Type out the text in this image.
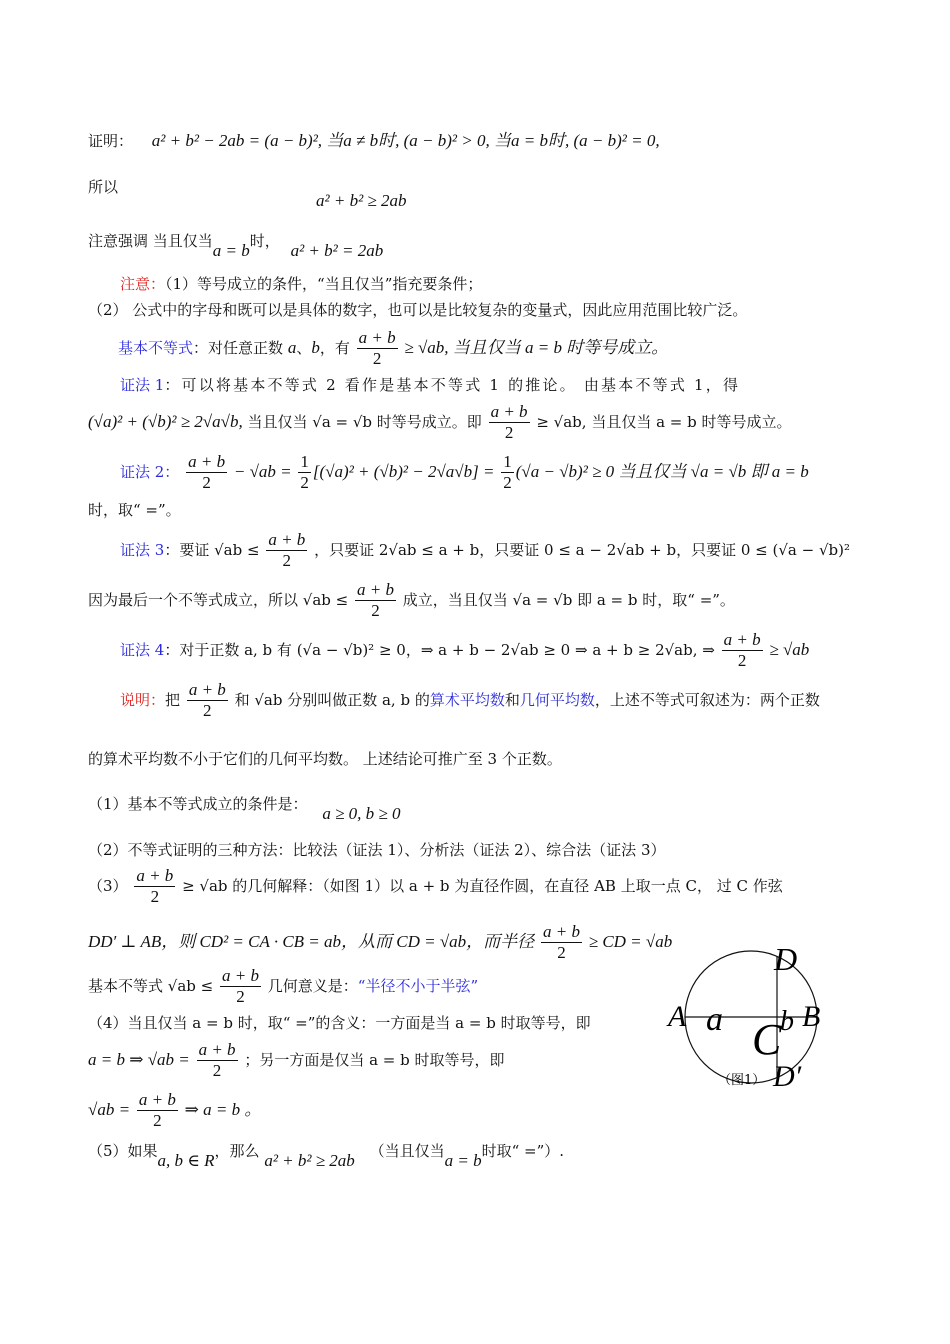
证明： a² + b² − 2ab = (a − b)², 当a ≠ b时, (a − b)² > 0, 当a = b时, (a − b)² = 0,
所以
a² + b² ≥ 2ab
注意强调 当且仅当a = b时， a² + b² = 2ab
注意：（1）等号成立的条件，“当且仅当”指充要条件；
（2） 公式中的字母和既可以是具体的数字，也可以是比较复杂的变量式，因此应用范围比较广泛。
基本不等式：对任意正数 a、b，有 $\frac{a + b}{2} \ge √ab$, 当且仅当 a = b 时等号成立。
证法 1：可以将基本不等式 2 看作是基本不等式 1 的推论。 由基本不等式 1，得
(√a)² + (√b)² ≥ 2√a√b, 当且仅当 √a = √b 时等号成立。即 $\frac{a + b}{2} \ge √ab$, 当且仅当 a = b 时等号成立。
证法 2： $\frac{a + b}{2} - √ab = \frac{1}{2} [(√a)^2 + (√b)^2 - 2√a√b] = \frac{1}{2} (√a - √b)^2 \ge 0$ 当且仅当 √a = √b 即 a = b
时，取“ =”。
证法 3：要证 $√ab \le \frac{a + b}{2}$ ，只要证 2√ab ≤ a + b，只要证 0 ≤ a − 2√ab + b，只要证 0 ≤ (√a − √b)²
因为最后一个不等式成立，所以 $√ab \le \frac{a + b}{2}$ 成立，当且仅当 √a = √b 即 a = b 时，取“ =”。
证法 4：对于正数 a, b 有 (√a − √b)² ≥ 0，⇒ a + b − 2√ab ≥ 0 ⇒ a + b ≥ 2√ab, ⇒ $\frac{a + b}{2} \ge √ab$
说明：把 $\frac{a + b}{2}$ 和 √ab 分别叫做正数 a, b 的算术平均数和几何平均数，上述不等式可叙述为：两个正数
的算术平均数不小于它们的几何平均数。 上述结论可推广至 3 个正数。
（1）基本不等式成立的条件是： a ≥ 0, b ≥ 0
（2）不等式证明的三种方法：比较法（证法 1）、分析法（证法 2）、综合法（证法 3）
$(3) \frac{a + b}{2} \ge √ab$ 的几何解释：（如图 1）以 a + b 为直径作圆，在直径 AB 上取一点 C， 过 C 作弦
DD′ ⊥ AB，则 CD² = CA · CB = ab，从而 CD = √ab，而半径 $\frac{a + b}{2}$ ≥ CD = √ab
基本不等式 $√ab \le \frac{a + b}{2}$ 几何意义是：“半径不小于半弦”
（4）当且仅当 a = b 时，取“ =”的含义：一方面是当 a = b 时取等号，即
a = b ⇒ $√ab = \frac{a + b}{2}$ ；另一方面是仅当 a = b 时取等号，即
$√ab = \frac{a + b}{2}$ ⇒ a = b 。
（5）如果a, b ∈ R，那么 a² + b² ≥ 2ab （当且仅当a = b时取“ =”）.
D
A a C
b B
D′
（图1）
